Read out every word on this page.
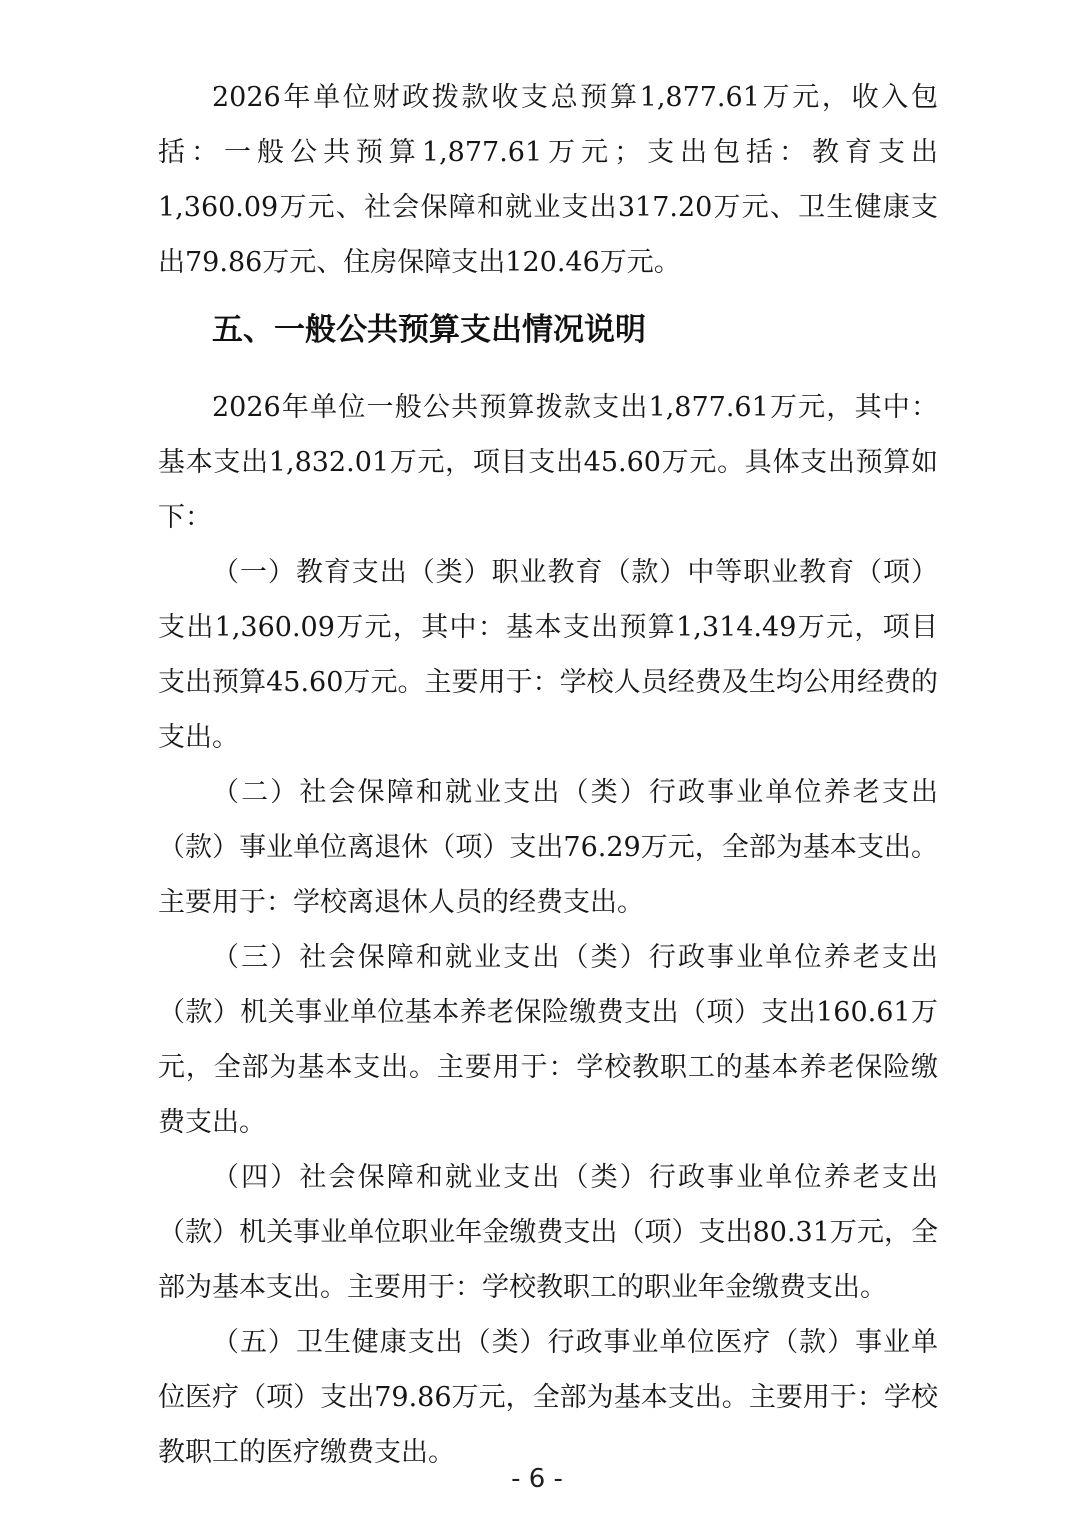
2026年单位财政拨款收支总预算1,877.61万元，收入包括：一般公共预算1,877.61万元；支出包括：教育支出1,360.09万元、社会保障和就业支出317.20万元、卫生健康支出79.86万元、住房保障支出120.46万元。

五、一般公共预算支出情况说明

2026年单位一般公共预算拨款支出1,877.61万元，其中：基本支出1,832.01万元，项目支出45.60万元。具体支出预算如下：

（一）教育支出（类）职业教育（款）中等职业教育（项）支出1,360.09万元，其中：基本支出预算1,314.49万元，项目支出预算45.60万元。主要用于：学校人员经费及生均公用经费的支出。

（二）社会保障和就业支出（类）行政事业单位养老支出（款）事业单位离退休（项）支出76.29万元，全部为基本支出。主要用于：学校离退休人员的经费支出。

（三）社会保障和就业支出（类）行政事业单位养老支出（款）机关事业单位基本养老保险缴费支出（项）支出160.61万元，全部为基本支出。主要用于：学校教职工的基本养老保险缴费支出。

（四）社会保障和就业支出（类）行政事业单位养老支出（款）机关事业单位职业年金缴费支出（项）支出80.31万元，全部为基本支出。主要用于：学校教职工的职业年金缴费支出。

（五）卫生健康支出（类）行政事业单位医疗（款）事业单位医疗（项）支出79.86万元，全部为基本支出。主要用于：学校教职工的医疗缴费支出。

- 6 -
